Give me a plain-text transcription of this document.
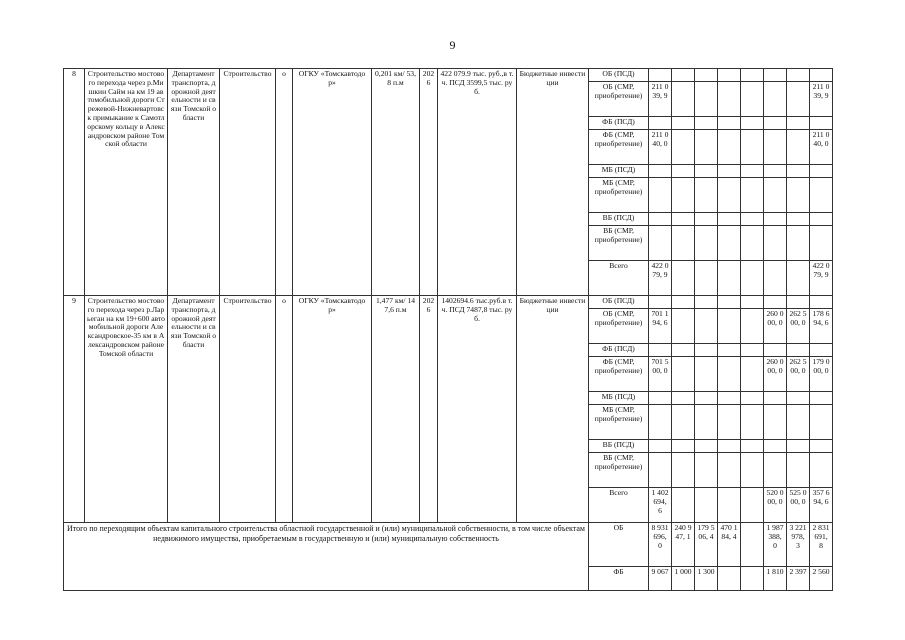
9
8	Строительство мостового перехода через р.Мишкин Сайм на км 19 автомобильной дороги Стрежевой-Нижневартовск примыкание к Самотлорскому кольцу в Александровском районе Томской области	Департамент транспорта, дорожной деятельности и связи Томской области	Строительство	о	ОГКУ «Томскавтодор»	0,201 км/ 53,8 п.м	2026	422 079.9 тыс. руб.,в т.ч. ПСД 3599,5 тыс. руб.	Бюджетные инвестиции	ОБ (ПСД)								
										ОБ (СМР, приобретение)	211 039, 9							211 039, 9
										ФБ (ПСД)								
										ФБ (СМР, приобретение)	211 040, 0							211 040, 0
										МБ (ПСД)								
										МБ (СМР, приобретение)								
										ВБ (ПСД)								
										ВБ (СМР, приобретение)								
										Всего	422 079, 9							422 079, 9
9	Строительство мостового перехода через р.Ларьеган на км 19+600 автомобильной дороги Александровское-35 км в Александровском районе Томской области	Департамент транспорта, дорожной деятельности и связи Томской области	Строительство	о	ОГКУ «Томскавтодор»	1,477 км/ 147,6 п.м	2026	1402694.6 тыс.руб.в т.ч. ПСД 7487,8 тыс. руб.	Бюджетные инвестиции	ОБ (ПСД)								
										ОБ (СМР, приобретение)	701 194, 6					260 000, 0	262 500, 0	178 694, 6
										ФБ (ПСД)								
										ФБ (СМР, приобретение)	701 500, 0					260 000, 0	262 500, 0	179 000, 0
										МБ (ПСД)								
										МБ (СМР, приобретение)								
										ВБ (ПСД)								
										ВБ (СМР, приобретение)								
										Всего	1 402 694, 6					520 000, 0	525 000, 0	357 694, 6
Итого по переходящим объектам капитального строительства областной государственной и (или) муниципальной собственности, в том числе объектам недвижимого имущества, приобретаемым в государственную и (или) муниципальную собственность										ОБ	8 931 696, 0	240 947, 1	179 506, 4	470 184, 4		1 987 388, 0	3 221 978, 3	2 831 691, 8
										ФБ	9 067	1 000	1 300			1 810	2 397	2 560
